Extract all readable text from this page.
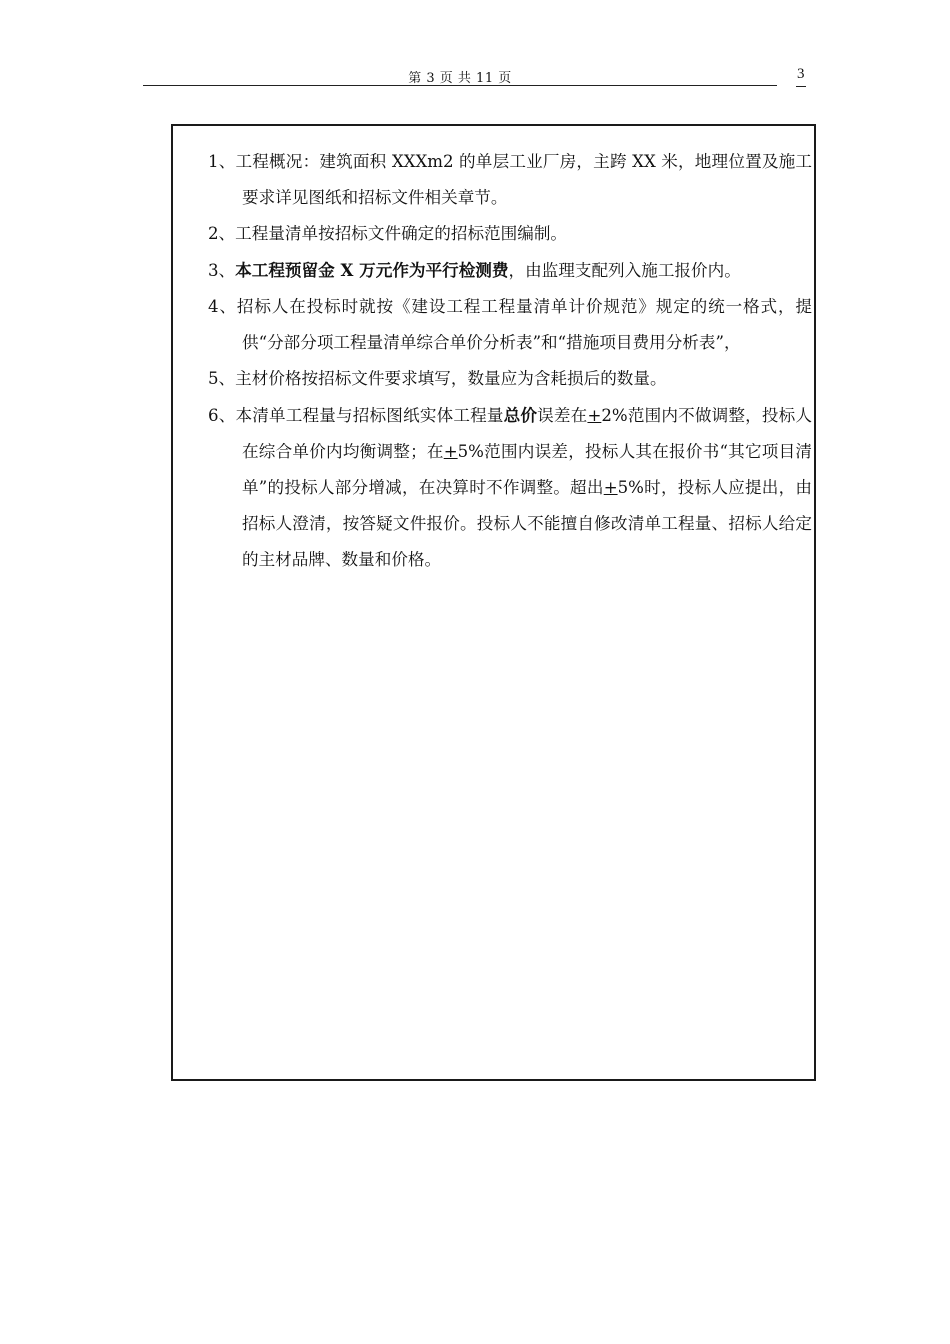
第 3 页 共 11 页	3
1、工程概况：建筑面积 XXXm2 的单层工业厂房，主跨 XX 米，地理位置及施工要求详见图纸和招标文件相关章节。
2、工程量清单按招标文件确定的招标范围编制。
3、本工程预留金 X 万元作为平行检测费，由监理支配列入施工报价内。
4、招标人在投标时就按《建设工程工程量清单计价规范》规定的统一格式，提供“分部分项工程量清单综合单价分析表”和“措施项目费用分析表”，
5、主材价格按招标文件要求填写，数量应为含耗损后的数量。
6、本清单工程量与招标图纸实体工程量总价误差在+2%范围内不做调整，投标人在综合单价内均衡调整；在+5%范围内误差，投标人其在报价书“其它项目清单”的投标人部分增减，在决算时不作调整。超出+5%时，投标人应提出，由招标人澄清，按答疑文件报价。投标人不能擅自修改清单工程量、招标人给定的主材品牌、数量和价格。
